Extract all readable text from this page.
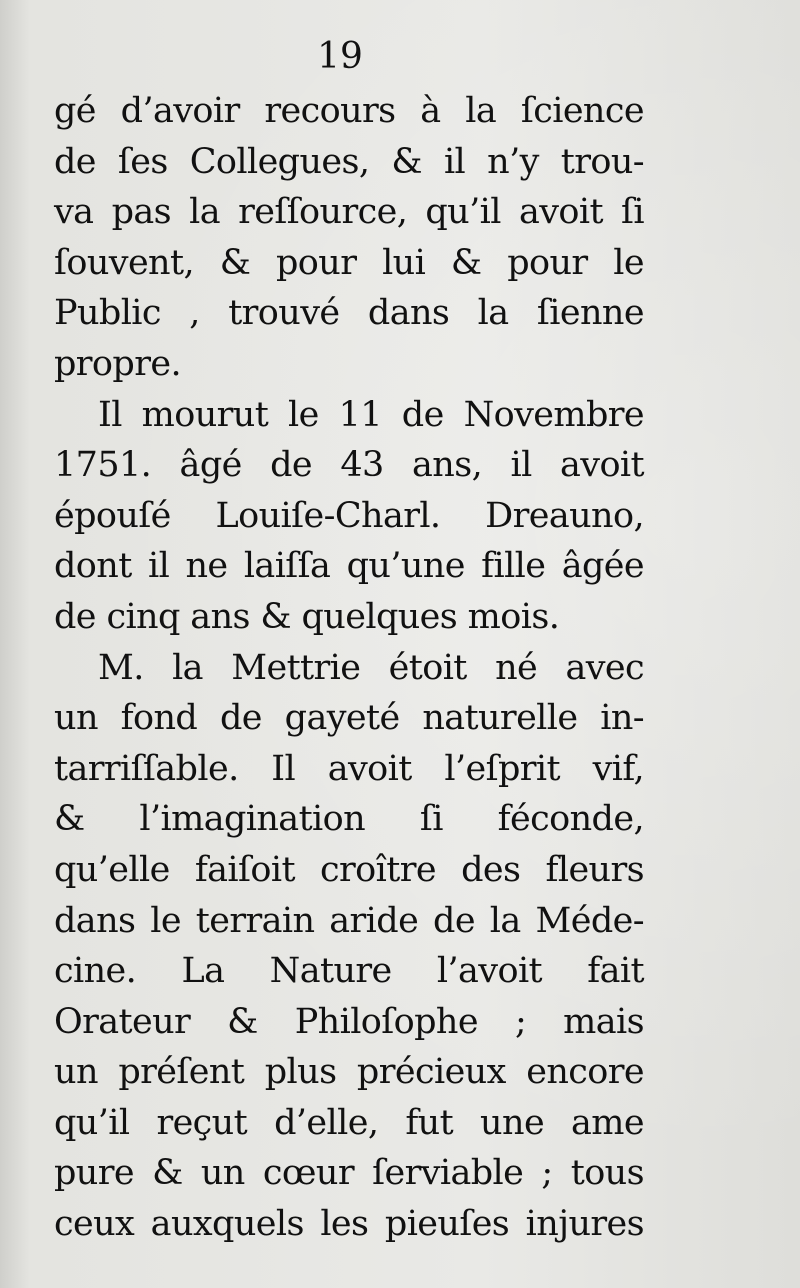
19
gé d’avoir recours à la ſcience
de ſes Collegues, & il n’y trou-
va pas la reſſource, qu’il avoit ſi
ſouvent, & pour lui & pour le
Public , trouvé dans la ſienne
propre.
Il mourut le 11 de Novembre
1751. âgé de 43 ans, il avoit
épouſé Louiſe-Charl. Dreauno,
dont il ne laiſſa qu’une fille âgée
de cinq ans & quelques mois.
M. la Mettrie étoit né avec
un fond de gayeté naturelle in-
tarriſſable. Il avoit l’eſprit vif,
& l’imagination ſi féconde,
qu’elle faiſoit croître des fleurs
dans le terrain aride de la Méde-
cine. La Nature l’avoit fait
Orateur & Philoſophe ; mais
un préſent plus précieux encore
qu’il reçut d’elle, fut une ame
pure & un cœur ſerviable ; tous
ceux auxquels les pieuſes injures
